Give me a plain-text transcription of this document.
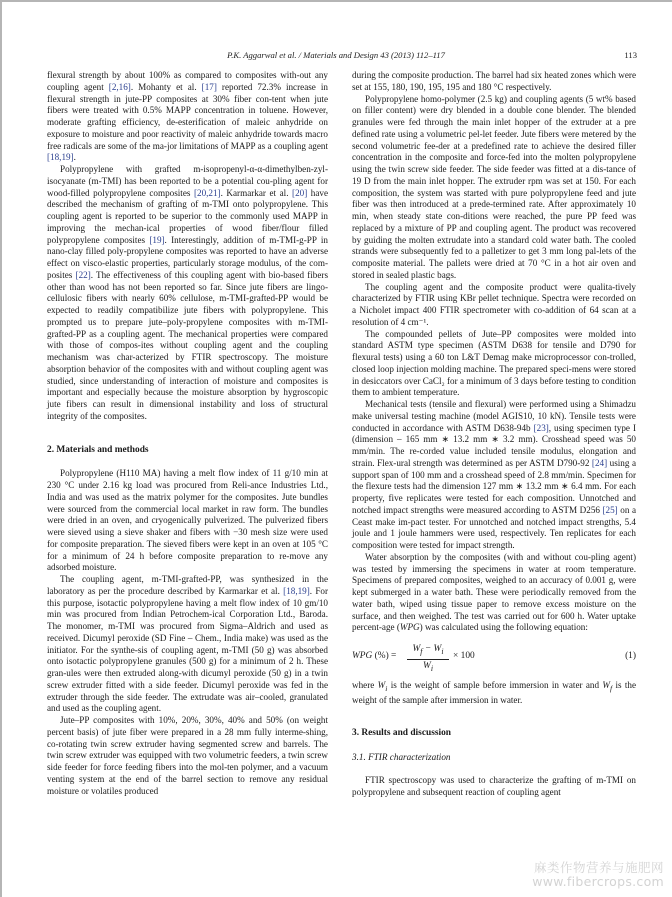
P.K. Aggarwal et al. / Materials and Design 43 (2013) 112–117	113

flexural strength by about 100% as compared to composites with-out any coupling agent [2,16]. Mohanty et al. [17] reported 72.3% increase in flexural strength in jute-PP composites at 30% fiber con-tent when jute fibers were treated with 0.5% MAPP concentration in toluene. However, moderate grafting efficiency, de-esterification of maleic anhydride on exposure to moisture and poor reactivity of maleic anhydride towards macro free radicals are some of the ma-jor limitations of MAPP as a coupling agent [18,19].

Polypropylene with grafted m-isopropenyl-α-α-dimethylben-zyl-isocyanate (m-TMI) has been reported to be a potential cou-pling agent for wood-filled polypropylene composites [20,21]. Karmarkar et al. [20] have described the mechanism of grafting of m-TMI onto polypropylene. This coupling agent is reported to be superior to the commonly used MAPP in improving the mechan-ical properties of wood fiber/flour filled polypropylene composites [19]. Interestingly, addition of m-TMI-g-PP in nano-clay filled poly-propylene composites was reported to have an adverse effect on visco-elastic properties, particularly storage modulus, of the com-posites [22]. The effectiveness of this coupling agent with bio-based fibers other than wood has not been reported so far. Since jute fibers are lingo-cellulosic fibers with nearly 60% cellulose, m-TMI-grafted-PP would be expected to readily compatibilize jute fibers with polypropylene. This prompted us to prepare jute–poly-propylene composites with m-TMI-grafted-PP as a coupling agent. The mechanical properties were compared with those of compos-ites without coupling agent and the coupling mechanism was char-acterized by FTIR spectroscopy. The moisture absorption behavior of the composites with and without coupling agent was studied, since understanding of interaction of moisture and composites is important and especially because the moisture absorption by hygroscopic jute fibers can result in dimensional instability and loss of structural integrity of the composites.

2. Materials and methods

Polypropylene (H110 MA) having a melt flow index of 11 g/10 min at 230 °C under 2.16 kg load was procured from Reli-ance Industries Ltd., India and was used as the matrix polymer for the composites. Jute bundles were sourced from the commercial local market in raw form. The bundles were dried in an oven, and cryogenically pulverized. The pulverized fibers were sieved using a sieve shaker and fibers with −30 mesh size were used for composite preparation. The sieved fibers were kept in an oven at 105 °C for a minimum of 24 h before composite preparation to re-move any adsorbed moisture.

The coupling agent, m-TMI-grafted-PP, was synthesized in the laboratory as per the procedure described by Karmarkar et al. [18,19]. For this purpose, isotactic polypropylene having a melt flow index of 10 gm/10 min was procured from Indian Petrochem-ical Corporation Ltd., Baroda. The monomer, m-TMI was procured from Sigma–Aldrich and used as received. Dicumyl peroxide (SD Fine – Chem., India make) was used as the initiator. For the synthe-sis of coupling agent, m-TMI (50 g) was absorbed onto isotactic polypropylene granules (500 g) for a minimum of 2 h. These gran-ules were then extruded along-with dicumyl peroxide (50 g) in a twin screw extruder fitted with a side feeder. Dicumyl peroxide was fed in the extruder through the side feeder. The extrudate was air–cooled, granulated and used as the coupling agent.

Jute–PP composites with 10%, 20%, 30%, 40% and 50% (on weight percent basis) of jute fiber were prepared in a 28 mm fully interme-shing, co-rotating twin screw extruder having segmented screw and barrels. The twin screw extruder was equipped with two volumetric feeders, a twin screw side feeder for force feeding fibers into the mol-ten polymer, and a vacuum venting system at the end of the barrel section to remove any residual moisture or volatiles produced

during the composite production. The barrel had six heated zones which were set at 155, 180, 190, 195, 195 and 180 °C respectively.

Polypropylene homo-polymer (2.5 kg) and coupling agents (5 wt% based on filler content) were dry blended in a double cone blender. The blended granules were fed through the main inlet hopper of the extruder at a pre defined rate using a volumetric pel-let feeder. Jute fibers were metered by the second volumetric fee-der at a predefined rate to achieve the desired filler concentration in the composite and force-fed into the molten polypropylene using the twin screw side feeder. The side feeder was fitted at a dis-tance of 19 D from the main inlet hopper. The extruder rpm was set at 150. For each composition, the system was started with pure polypropylene feed and jute fiber was then introduced at a prede-termined rate. After approximately 10 min, when steady state con-ditions were reached, the pure PP feed was replaced by a mixture of PP and coupling agent. The product was recovered by guiding the molten extrudate into a standard cold water bath. The cooled strands were subsequently fed to a palletizer to get 3 mm long pal-lets of the composite material. The pallets were dried at 70 °C in a hot air oven and stored in sealed plastic bags.

The coupling agent and the composite product were qualita-tively characterized by FTIR using KBr pellet technique. Spectra were recorded on a Nicholet impact 400 FTIR spectrometer with co-addition of 64 scan at a resolution of 4 cm⁻¹.

The compounded pellets of Jute–PP composites were molded into standard ASTM type specimen (ASTM D638 for tensile and D790 for flexural tests) using a 60 ton L&T Demag make microprocessor con-trolled, closed loop injection molding machine. The prepared speci-mens were stored in desiccators over CaCl₂ for a minimum of 3 days before testing to condition them to ambient temperature.

Mechanical tests (tensile and flexural) were performed using a Shimadzu make universal testing machine (model AGIS10, 10 kN). Tensile tests were conducted in accordance with ASTM D638-94b [23], using specimen type I (dimension – 165 mm ∗ 13.2 mm ∗ 3.2 mm). Crosshead speed was 50 mm/min. The re-corded value included tensile modulus, elongation and strain. Flex-ural strength was determined as per ASTM D790-92 [24] using a support span of 100 mm and a crosshead speed of 2.8 mm/min. Specimen for the flexure tests had the dimension 127 mm ∗ 13.2 mm ∗ 6.4 mm. For each property, five replicates were tested for each composition. Unnotched and notched impact strengths were measured according to ASTM D256 [25] on a Ceast make im-pact tester. For unnotched and notched impact strengths, 5.4 joule and 1 joule hammers were used, respectively. Ten replicates for each composition were tested for impact strength.

Water absorption by the composites (with and without cou-pling agent) was tested by immersing the specimens in water at room temperature. Specimens of prepared composites, weighed to an accuracy of 0.001 g, were kept submerged in a water bath. These were periodically removed from the water bath, wiped using tissue paper to remove excess moisture on the surface, and then weighed. The test was carried out for 600 h. Water uptake percent-age (WPG) was calculated using the following equation:

WPG (%) = $\frac{W_f - W_i}{W_i} \times 100$	(1)

where $W_i$ is the weight of sample before immersion in water and $W_f$ is the weight of the sample after immersion in water.

3. Results and discussion
3.1. FTIR characterization

FTIR spectroscopy was used to characterize the grafting of m-TMI on polypropylene and subsequent reaction of coupling agent

麻类作物营养与施肥网
www.fibercrops.com
